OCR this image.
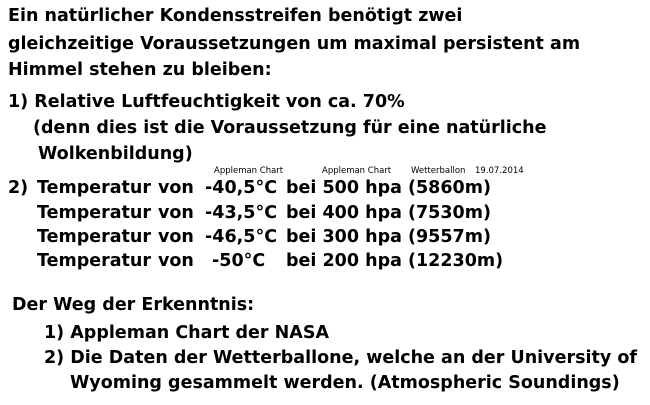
Ein natürlicher Kondensstreifen benötigt zwei
gleichzeitige Voraussetzungen um maximal persistent am
Himmel stehen zu bleiben:
1) Relative Luftfeuchtigkeit von ca. 70%
(denn dies ist die Voraussetzung für eine natürliche
Wolkenbildung)
Appleman Chart	Appleman Chart Wetterballon 19.07.2014
2) Temperatur von -40,5°C bei 500 hpa (5860m)
Temperatur von -43,5°C bei 400 hpa (7530m)
Temperatur von -46,5°C bei 300 hpa (9557m)
Temperatur von -50°C bei 200 hpa (12230m)
Der Weg der Erkenntnis:
1) Appleman Chart der NASA
2) Die Daten der Wetterballone, welche an der University of
Wyoming gesammelt werden. (Atmospheric Soundings)
